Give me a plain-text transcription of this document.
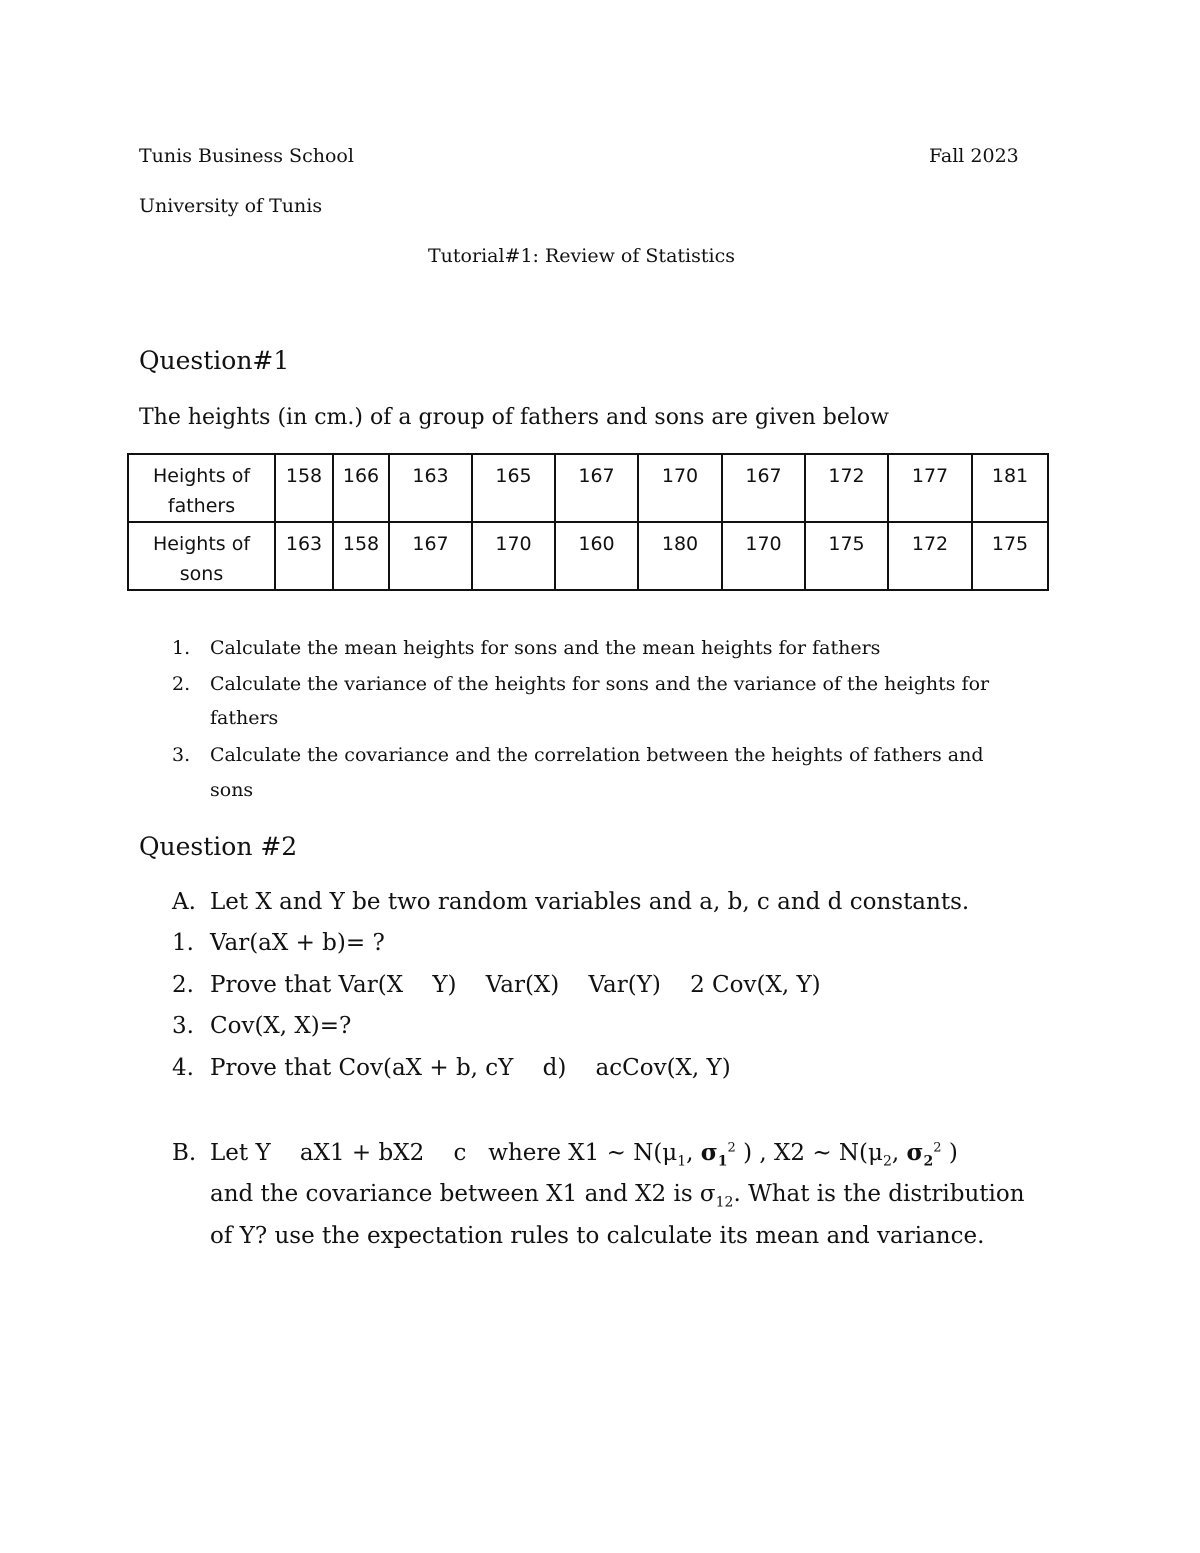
Tunis Business School	Fall 2023
University of Tunis
Tutorial#1: Review of Statistics
Question#1
The heights (in cm.) of a group of fathers and sons are given below
Heights of
fathers	158	166	163	165	167	170	167	172	177	181
Heights of
sons	163	158	167	170	160	180	170	175	172	175
1. Calculate the mean heights for sons and the mean heights for fathers
2. Calculate the variance of the heights for sons and the variance of the heights for
fathers
3. Calculate the covariance and the correlation between the heights of fathers and
sons
Question #2
A. Let X and Y be two random variables and a, b, c and d constants.
1. Var(aX + b)= ?
2. Prove that Var(X    Y)    Var(X)    Var(Y)    2 Cov(X, Y)
3. Cov(X, X)=?
4. Prove that Cov(aX + b, cY    d)    acCov(X, Y)
B. Let Y    aX1 + bX2    c   where X1 ~ $N(\mu_1$, $\sigma_1^2$ ) , X2 ~ $N(\mu_2$, $\sigma_2^2$ )
and the covariance between X1 and X2 is $\sigma_{12}$. What is the distribution
of Y? use the expectation rules to calculate its mean and variance.
